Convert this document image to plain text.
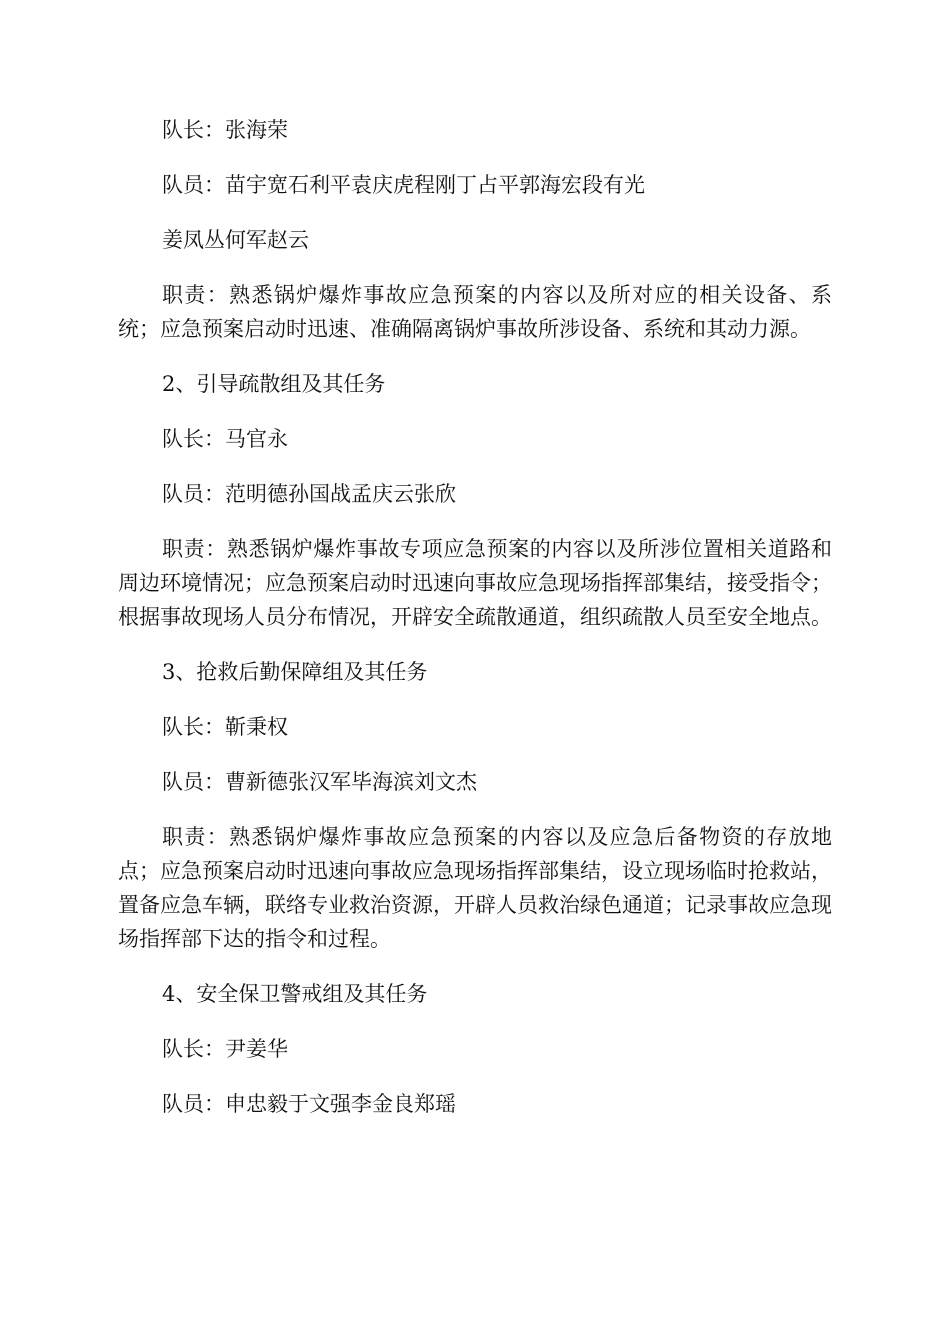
队长：张海荣

队员：苗宇宽石利平袁庆虎程刚丁占平郭海宏段有光

姜凤丛何军赵云

职责：熟悉锅炉爆炸事故应急预案的内容以及所对应的相关设备、系统；应急预案启动时迅速、准确隔离锅炉事故所涉设备、系统和其动力源。

2、引导疏散组及其任务

队长：马官永

队员：范明德孙国战孟庆云张欣

职责：熟悉锅炉爆炸事故专项应急预案的内容以及所涉位置相关道路和周边环境情况；应急预案启动时迅速向事故应急现场指挥部集结，接受指令；根据事故现场人员分布情况，开辟安全疏散通道，组织疏散人员至安全地点。

3、抢救后勤保障组及其任务

队长：靳秉权

队员：曹新德张汉军毕海滨刘文杰

职责：熟悉锅炉爆炸事故应急预案的内容以及应急后备物资的存放地点；应急预案启动时迅速向事故应急现场指挥部集结，设立现场临时抢救站，置备应急车辆，联络专业救治资源，开辟人员救治绿色通道；记录事故应急现场指挥部下达的指令和过程。

4、安全保卫警戒组及其任务

队长：尹姜华

队员：申忠毅于文强李金良郑瑶
